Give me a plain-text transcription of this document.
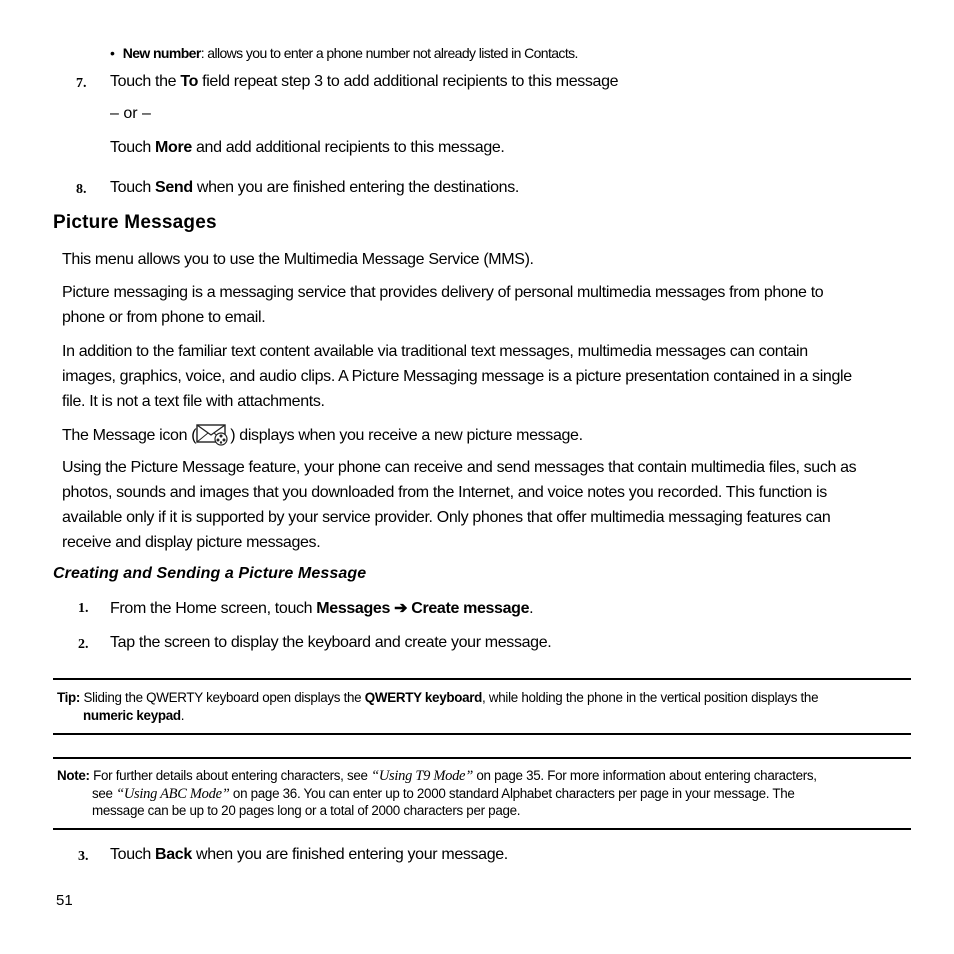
•  New number: allows you to enter a phone number not already listed in Contacts.
7. Touch the To field repeat step 3 to add additional recipients to this message
– or –
Touch More and add additional recipients to this message.
8. Touch Send when you are finished entering the destinations.
Picture Messages
This menu allows you to use the Multimedia Message Service (MMS).
Picture messaging is a messaging service that provides delivery of personal multimedia messages from phone to
phone or from phone to email.
In addition to the familiar text content available via traditional text messages, multimedia messages can contain
images, graphics, voice, and audio clips. A Picture Messaging message is a picture presentation contained in a single
file. It is not a text file with attachments.
The Message icon ( ) displays when you receive a new picture message.
Using the Picture Message feature, your phone can receive and send messages that contain multimedia files, such as
photos, sounds and images that you downloaded from the Internet, and voice notes you recorded. This function is
available only if it is supported by your service provider. Only phones that offer multimedia messaging features can
receive and display picture messages.
Creating and Sending a Picture Message
1. From the Home screen, touch Messages ➔ Create message.
2. Tap the screen to display the keyboard and create your message.
Tip: Sliding the QWERTY keyboard open displays the QWERTY keyboard, while holding the phone in the vertical position displays the
numeric keypad.
Note: For further details about entering characters, see “Using T9 Mode” on page 35. For more information about entering characters,
see “Using ABC Mode” on page 36. You can enter up to 2000 standard Alphabet characters per page in your message. The
message can be up to 20 pages long or a total of 2000 characters per page.
3. Touch Back when you are finished entering your message.
51
